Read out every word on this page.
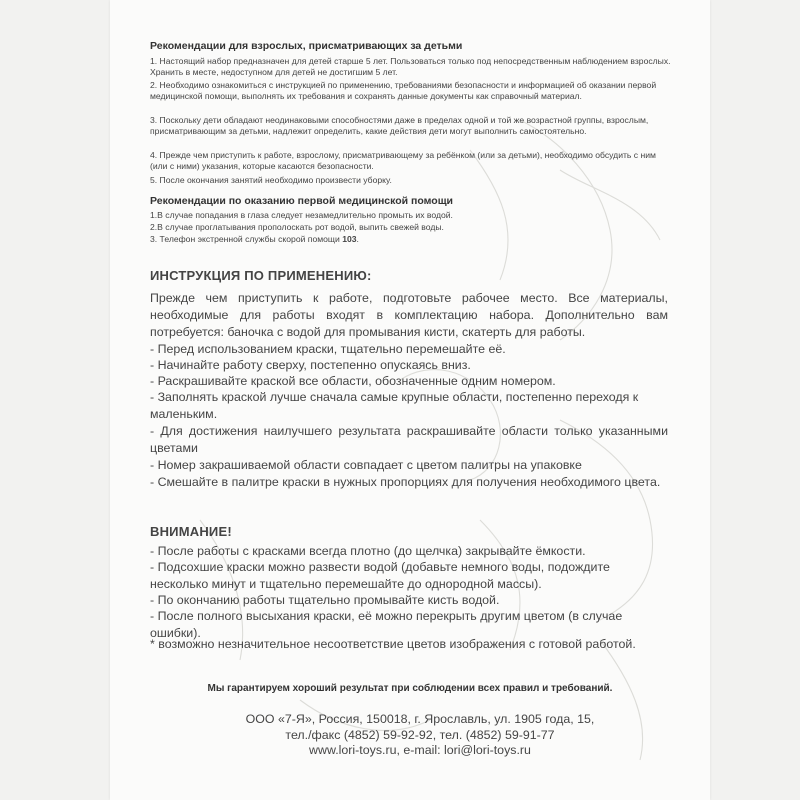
Рекомендации для взрослых, присматривающих за детьми
1. Настоящий набор предназначен для детей старше 5 лет. Пользоваться только под непосредственным наблюдением взрослых. Хранить в месте, недоступном для детей не достигшим 5 лет.
2. Необходимо ознакомиться с инструкцией по применению, требованиями безопасности и информацией об оказании первой медицинской помощи, выполнять их требования и сохранять данные документы как справочный материал.
3. Поскольку дети обладают неодинаковыми способностями даже в пределах одной и той же возрастной группы, взрослым, присматривающим за детьми, надлежит определить, какие действия дети могут выполнить самостоятельно.
4. Прежде чем приступить к работе, взрослому, присматривающему за ребёнком (или за детьми), необходимо обсудить с ним (или с ними) указания, которые касаются безопасности.
5. После окончания занятий необходимо произвести уборку.
Рекомендации по оказанию первой медицинской помощи
1.В случае попадания в глаза следует незамедлительно промыть их водой.
2.В случае проглатывания прополоскать рот водой, выпить свежей воды.
3. Телефон экстренной службы скорой помощи 103.
ИНСТРУКЦИЯ ПО ПРИМЕНЕНИЮ:
Прежде чем приступить к работе, подготовьте рабочее место. Все материалы, необходимые для работы входят в комплектацию набора. Дополнительно вам потребуется: баночка с водой для промывания кисти, скатерть для работы.
- Перед использованием краски, тщательно перемешайте её.
- Начинайте работу сверху, постепенно опускаясь вниз.
- Раскрашивайте краской все области, обозначенные одним номером.
- Заполнять краской лучше сначала самые крупные области, постепенно переходя к маленьким.
- Для достижения наилучшего результата раскрашивайте области только указанными цветами
- Номер закрашиваемой области совпадает с цветом палитры на упаковке
- Смешайте в палитре краски в нужных пропорциях для получения необходимого цвета.
ВНИМАНИЕ!
- После работы с красками всегда плотно (до щелчка) закрывайте ёмкости.
- Подсохшие краски можно развести водой (добавьте немного воды, подождите несколько минут и тщательно перемешайте до однородной массы).
- По окончанию работы тщательно промывайте кисть водой.
- После полного высыхания краски, её можно перекрыть другим цветом (в случае ошибки).
* возможно незначительное несоответствие цветов изображения с готовой работой.
Мы гарантируем хороший результат при соблюдении всех правил и требований.
ООО «7-Я», Россия, 150018, г. Ярославль, ул. 1905 года, 15,
тел./факс (4852) 59-92-92, тел. (4852) 59-91-77
www.lori-toys.ru, e-mail: lori@lori-toys.ru
